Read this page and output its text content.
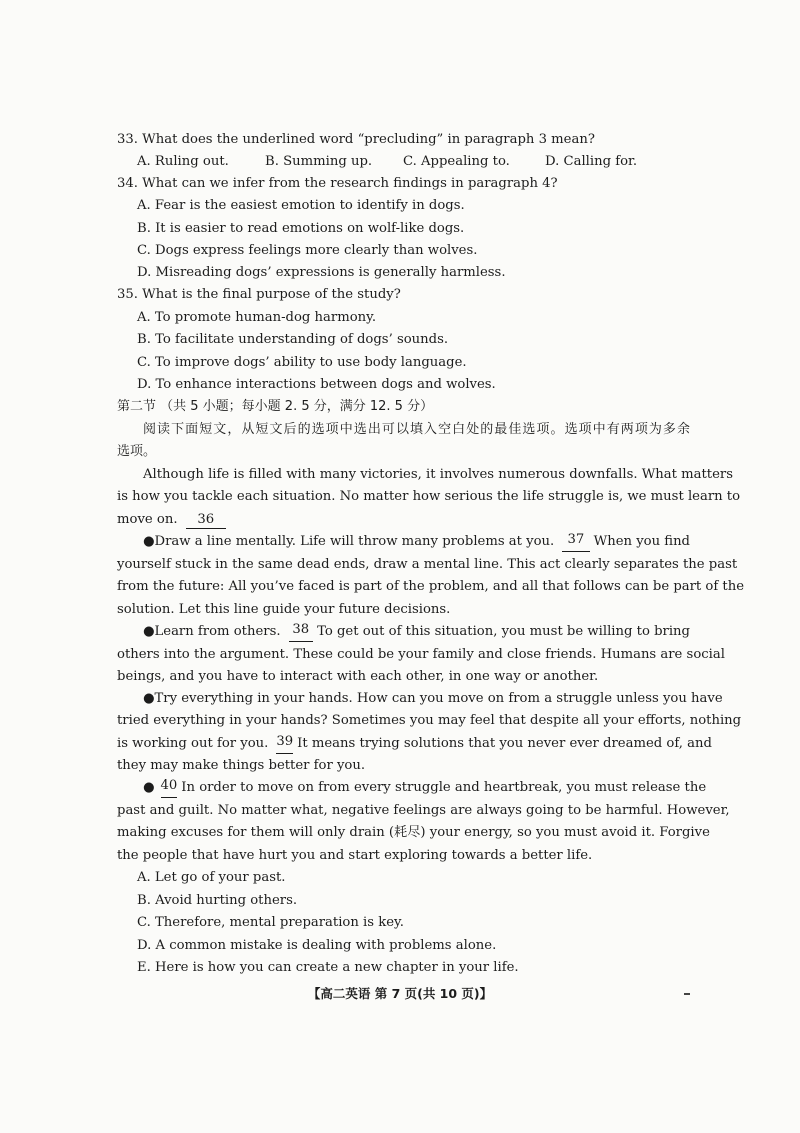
33. What does the underlined word “precluding” in paragraph 3 mean?
A. Ruling out.	B. Summing up.	C. Appealing to.	D. Calling for.
34. What can we infer from the research findings in paragraph 4?
A. Fear is the easiest emotion to identify in dogs.
B. It is easier to read emotions on wolf-like dogs.
C. Dogs express feelings more clearly than wolves.
D. Misreading dogs’ expressions is generally harmless.
35. What is the final purpose of the study?
A. To promote human-dog harmony.
B. To facilitate understanding of dogs’ sounds.
C. To improve dogs’ ability to use body language.
D. To enhance interactions between dogs and wolves.
第二节 （共 5 小题；每小题 2. 5 分，满分 12. 5 分）
阅读下面短文，从短文后的选项中选出可以填入空白处的最佳选项。选项中有两项为多余
选项。
Although life is filled with many victories, it involves numerous downfalls. What matters
is how you tackle each situation. No matter how serious the life struggle is, we must learn to
move on. 36
●Draw a line mentally. Life will throw many problems at you.	37 When you find
yourself stuck in the same dead ends, draw a mental line. This act clearly separates the past
from the future: All you’ve faced is part of the problem, and all that follows can be part of the
solution. Let this line guide your future decisions.
●Learn from others. 38 To get out of this situation, you must be willing to bring
others into the argument. These could be your family and close friends. Humans are social
beings, and you have to interact with each other, in one way or another.
●Try everything in your hands. How can you move on from a struggle unless you have
tried everything in your hands? Sometimes you may feel that despite all your efforts, nothing
is working out for you. 39 It means trying solutions that you never ever dreamed of, and
they may make things better for you.
● 40 In order to move on from every struggle and heartbreak, you must release the
past and guilt. No matter what, negative feelings are always going to be harmful. However,
making excuses for them will only drain (耗尽) your energy, so you must avoid it. Forgive
the people that have hurt you and start exploring towards a better life.
A. Let go of your past.
B. Avoid hurting others.
C. Therefore, mental preparation is key.
D. A common mistake is dealing with problems alone.
E. Here is how you can create a new chapter in your life.
【高二英语 第 7 页(共 10 页)】
